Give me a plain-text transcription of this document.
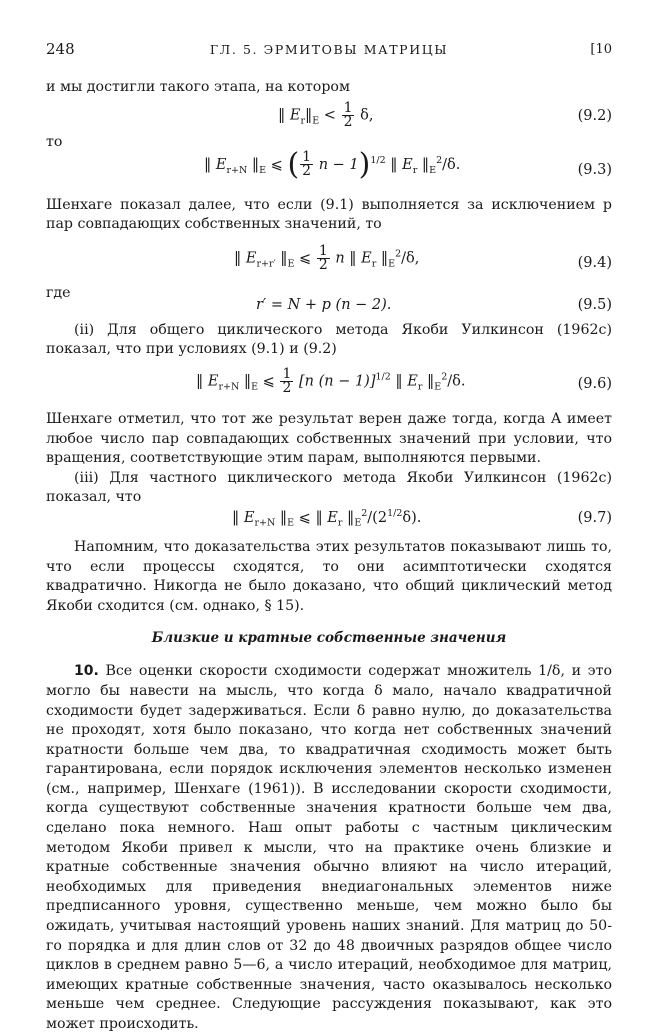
248	ГЛ. 5. ЭРМИТОВЫ МАТРИЦЫ	[10

и мы достигли такого этапа, на котором

‖ $E_r‖_E < \frac{1}{2} \delta$,	(9.2)
то
‖ $E_{r+N}$ $‖_E$ ⩽ ( $\frac{1}{2}$ n − 1)$^{1/2}$ ‖ $E_r$ $‖_E^2/\delta$.	(9.3)

Шенхаге показал далее, что если (9.1) выполняется за исключением p пар совпадающих собственных значений, то

‖ $E_{r+r'}$ $‖_E$ ⩽ $\frac{1}{2}$ n ‖ $E_r$ $‖_E^2/\delta$,	(9.4)
где
r′ = N + p (n − 2).	(9.5)

(ii) Для общего циклического метода Якоби Уилкинсон (1962c) показал, что при условиях (9.1) и (9.2)

‖ $E_{r+N}$ $‖_E$ ⩽ $\frac{1}{2} [n$ (n − 1)]$^{1/2}$ ‖ $E_r$ $‖_E^2/\delta$.	(9.6)

Шенхаге отметил, что тот же результат верен даже тогда, когда A имеет любое число пар совпадающих собственных значений при условии, что вращения, соответствующие этим парам, выполняются первыми.

(iii) Для частного циклического метода Якоби Уилкинсон (1962c) показал, что

‖ $E_{r+N}$ $‖_E$ ⩽ ‖ $E_r$ $‖_E^2/(2^{1/2}\delta)$.	(9.7)

Напомним, что доказательства этих результатов показывают лишь то, что если процессы сходятся, то они асимптотически сходятся квадратично. Никогда не было доказано, что общий циклический метод Якоби сходится (см. однако, § 15).

Близкие и кратные собственные значения

10. Все оценки скорости сходимости содержат множитель 1/δ, и это могло бы навести на мысль, что когда δ мало, начало квадратичной сходимости будет задерживаться. Если δ равно нулю, до доказательства не проходят, хотя было показано, что когда нет собственных значений кратности больше чем два, то квадратичная сходимость может быть гарантирована, если порядок исключения элементов несколько изменен (см., например, Шенхаге (1961)). В исследовании скорости сходимости, когда существуют собственные значения кратности больше чем два, сделано пока немного. Наш опыт работы с частным циклическим методом Якоби привел к мысли, что на практике очень близкие и кратные собственные значения обычно влияют на число итераций, необходимых для приведения внедиагональных элементов ниже предписанного уровня, существенно меньше, чем можно было бы ожидать, учитывая настоящий уровень наших знаний. Для матриц до 50-го порядка и для длин слов от 32 до 48 двоичных разрядов общее число циклов в среднем равно 5—6, а число итераций, необходимое для матриц, имеющих кратные собственные значения, часто оказывалось несколько меньше чем среднее. Следующие рассуждения показывают, как это может происходить.
